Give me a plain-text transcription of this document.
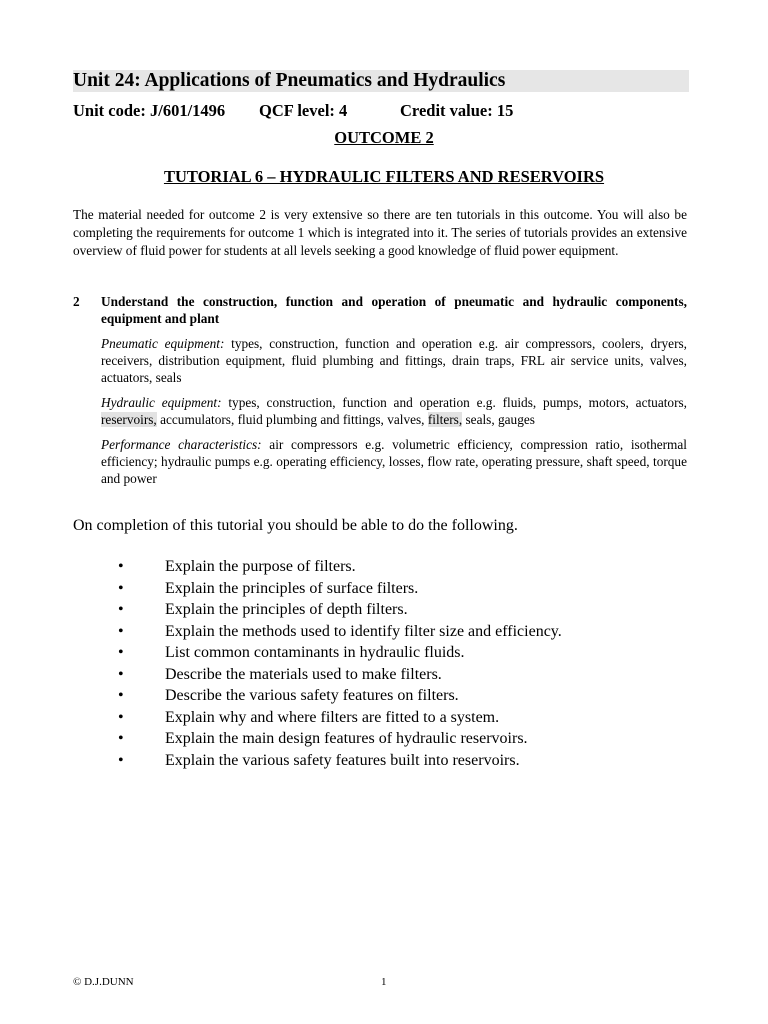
Unit 24: Applications of Pneumatics and Hydraulics
Unit code: J/601/1496 QCF level: 4	Credit value: 15
OUTCOME 2
TUTORIAL 6 – HYDRAULIC FILTERS AND RESERVOIRS

The material needed for outcome 2 is very extensive so there are ten tutorials in this outcome. You will also be completing the requirements for outcome 1 which is integrated into it. The series of tutorials provides an extensive overview of fluid power for students at all levels seeking a good knowledge of fluid power equipment.

2 Understand the construction, function and operation of pneumatic and hydraulic components, equipment and plant

Pneumatic equipment: types, construction, function and operation e.g. air compressors, coolers, dryers, receivers, distribution equipment, fluid plumbing and fittings, drain traps, FRL air service units, valves, actuators, seals

Hydraulic equipment: types, construction, function and operation e.g. fluids, pumps, motors, actuators, reservoirs, accumulators, fluid plumbing and fittings, valves, filters, seals, gauges

Performance characteristics: air compressors e.g. volumetric efficiency, compression ratio, isothermal efficiency; hydraulic pumps e.g. operating efficiency, losses, flow rate, operating pressure, shaft speed, torque and power

On completion of this tutorial you should be able to do the following.

•	Explain the purpose of filters.
•	Explain the principles of surface filters.
•	Explain the principles of depth filters.
•	Explain the methods used to identify filter size and efficiency.
•	List common contaminants in hydraulic fluids.
•	Describe the materials used to make filters.
•	Describe the various safety features on filters.
•	Explain why and where filters are fitted to a system.
•	Explain the main design features of hydraulic reservoirs.
•	Explain the various safety features built into reservoirs.
© D.J.DUNN	1
